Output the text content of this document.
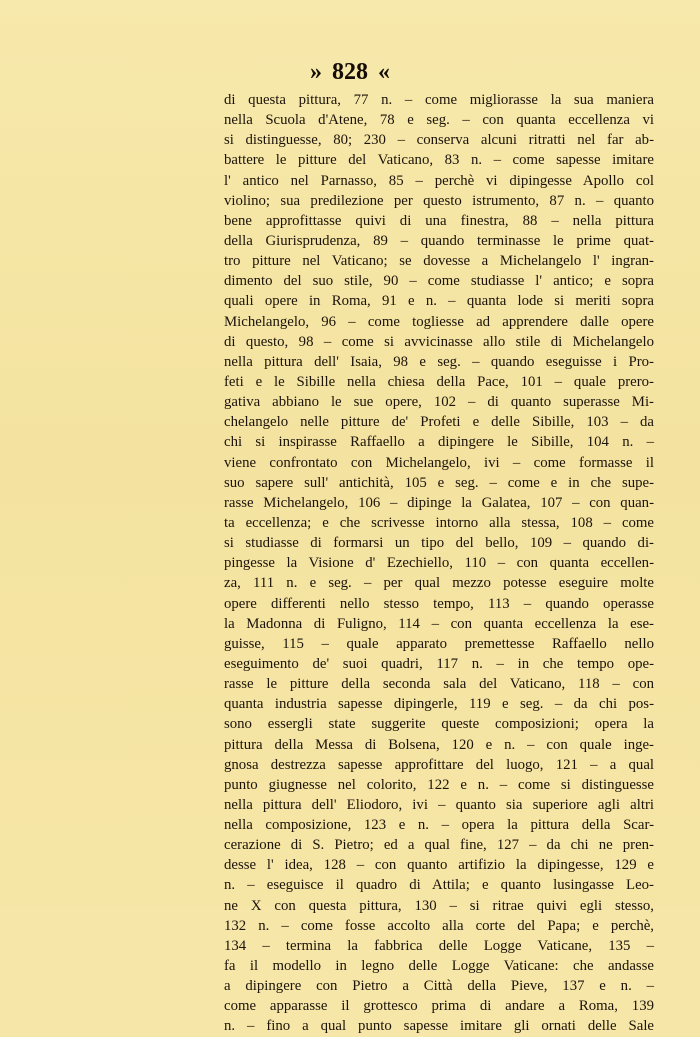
» 828 «
di questa pittura, 77 n. – come migliorasse la sua maniera
nella Scuola d'Atene, 78 e seg. – con quanta eccellenza vi
si distinguesse, 80; 230 – conserva alcuni ritratti nel far ab-
battere le pitture del Vaticano, 83 n. – come sapesse imitare
l' antico nel Parnasso, 85 – perchè vi dipingesse Apollo col
violino; sua predilezione per questo istrumento, 87 n. – quanto
bene approfittasse quivi di una finestra, 88 – nella pittura
della Giurisprudenza, 89 – quando terminasse le prime quat-
tro pitture nel Vaticano; se dovesse a Michelangelo l' ingran-
dimento del suo stile, 90 – come studiasse l' antico; e sopra
quali opere in Roma, 91 e n. – quanta lode si meriti sopra
Michelangelo, 96 – come togliesse ad apprendere dalle opere
di questo, 98 – come si avvicinasse allo stile di Michelangelo
nella pittura dell' Isaia, 98 e seg. – quando eseguisse i Pro-
feti e le Sibille nella chiesa della Pace, 101 – quale prero-
gativa abbiano le sue opere, 102 – di quanto superasse Mi-
chelangelo nelle pitture de' Profeti e delle Sibille, 103 – da
chi si inspirasse Raffaello a dipingere le Sibille, 104 n. –
viene confrontato con Michelangelo, ivi – come formasse il
suo sapere sull' antichità, 105 e seg. – come e in che supe-
rasse Michelangelo, 106 – dipinge la Galatea, 107 – con quan-
ta eccellenza; e che scrivesse intorno alla stessa, 108 – come
si studiasse di formarsi un tipo del bello, 109 – quando di-
pingesse la Visione d' Ezechiello, 110 – con quanta eccellen-
za, 111 n. e seg. – per qual mezzo potesse eseguire molte
opere differenti nello stesso tempo, 113 – quando operasse
la Madonna di Fuligno, 114 – con quanta eccellenza la ese-
guisse, 115 – quale apparato premettesse Raffaello nello
eseguimento de' suoi quadri, 117 n. – in che tempo ope-
rasse le pitture della seconda sala del Vaticano, 118 – con
quanta industria sapesse dipingerle, 119 e seg. – da chi pos-
sono essergli state suggerite queste composizioni; opera la
pittura della Messa di Bolsena, 120 e n. – con quale inge-
gnosa destrezza sapesse approfittare del luogo, 121 – a qual
punto giugnesse nel colorito, 122 e n. – come si distinguesse
nella pittura dell' Eliodoro, ivi – quanto sia superiore agli altri
nella composizione, 123 e n. – opera la pittura della Scar-
cerazione di S. Pietro; ed a qual fine, 127 – da chi ne pren-
desse l' idea, 128 – con quanto artifizio la dipingesse, 129 e
n. – eseguisce il quadro di Attila; e quanto lusingasse Leo-
ne X con questa pittura, 130 – si ritrae quivi egli stesso,
132 n. – come fosse accolto alla corte del Papa; e perchè,
134 – termina la fabbrica delle Logge Vaticane, 135 –
fa il modello in legno delle Logge Vaticane: che andasse
a dipingere con Pietro a Città della Pieve, 137 e n. –
come apparasse il grottesco prima di andare a Roma, 139
n. – fino a qual punto sapesse imitare gli ornati delle Sale
